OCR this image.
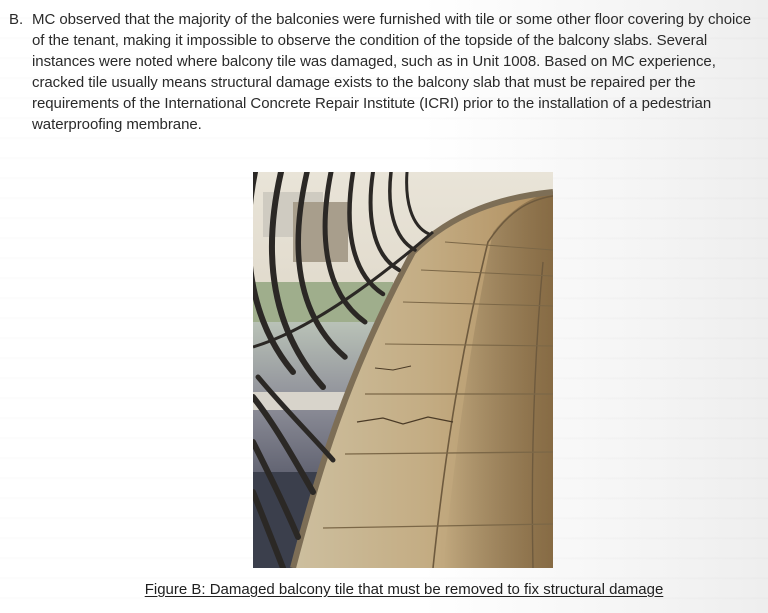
B. MC observed that the majority of the balconies were furnished with tile or some other floor covering by choice of the tenant, making it impossible to observe the condition of the topside of the balcony slabs. Several instances were noted where balcony tile was damaged, such as in Unit 1008. Based on MC experience, cracked tile usually means structural damage exists to the balcony slab that must be repaired per the requirements of the International Concrete Repair Institute (ICRI) prior to the installation of a pedestrian waterproofing membrane.

Figure B: Damaged balcony tile that must be removed to fix structural damage
